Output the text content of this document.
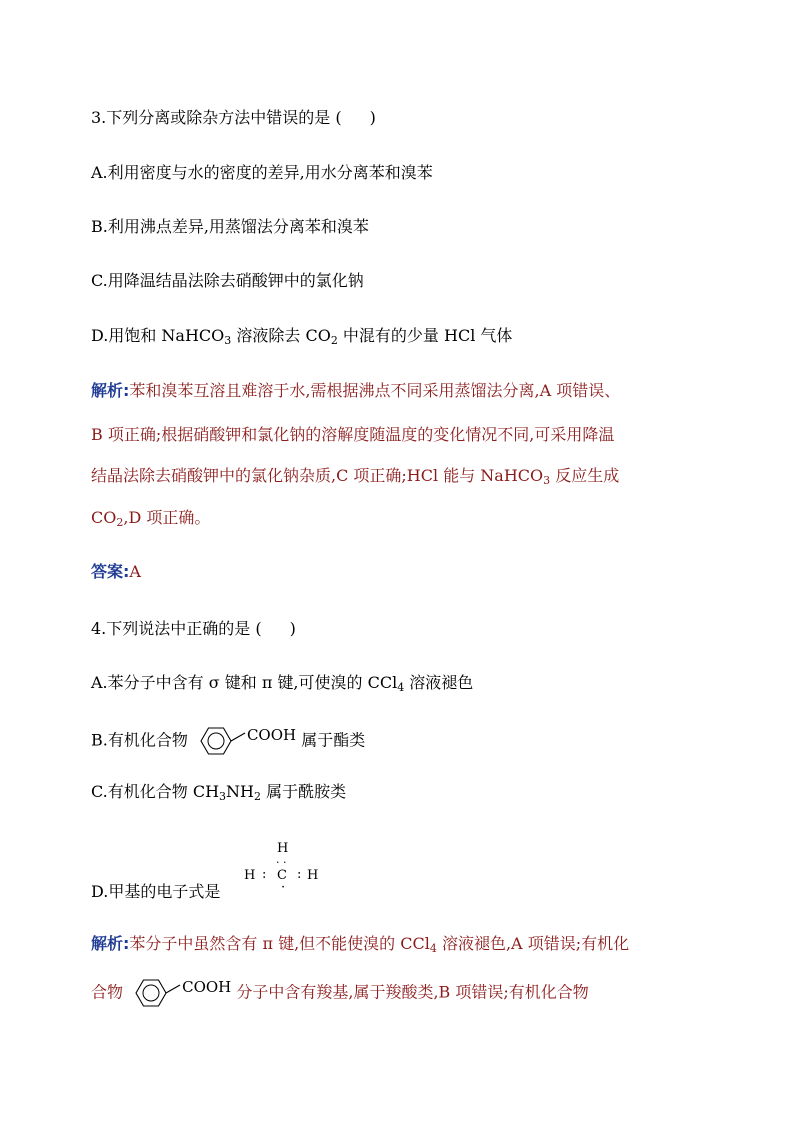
3.下列分离或除杂方法中错误的是 ( )
A.利用密度与水的密度的差异,用水分离苯和溴苯
B.利用沸点差异,用蒸馏法分离苯和溴苯
C.用降温结晶法除去硝酸钾中的氯化钠
D.用饱和 NaHCO$_3$ 溶液除去 $CO_2$ 中混有的少量 HCl 气体
解析:苯和溴苯互溶且难溶于水,需根据沸点不同采用蒸馏法分离,A 项错误、
B 项正确;根据硝酸钾和氯化钠的溶解度随温度的变化情况不同,可采用降温
结晶法除去硝酸钾中的氯化钠杂质,C 项正确;HCl 能与 NaHCO$_3$ 反应生成
$CO_2,D$ 项正确。
答案:A
4.下列说法中正确的是 ( )
A.苯分子中含有 σ 键和 π 键,可使溴的 CCl$_4$ 溶液褪色
B.有机化合物	COOH 属于酯类
C.有机化合物 $CH_3NH_2$ 属于酰胺类
D.甲基的电子式是
H
· ·
H : C : H
·
解析:苯分子中虽然含有 π 键,但不能使溴的 CCl$_4$ 溶液褪色,A 项错误;有机化
合物	COOH 分子中含有羧基,属于羧酸类,B 项错误;有机化合物
